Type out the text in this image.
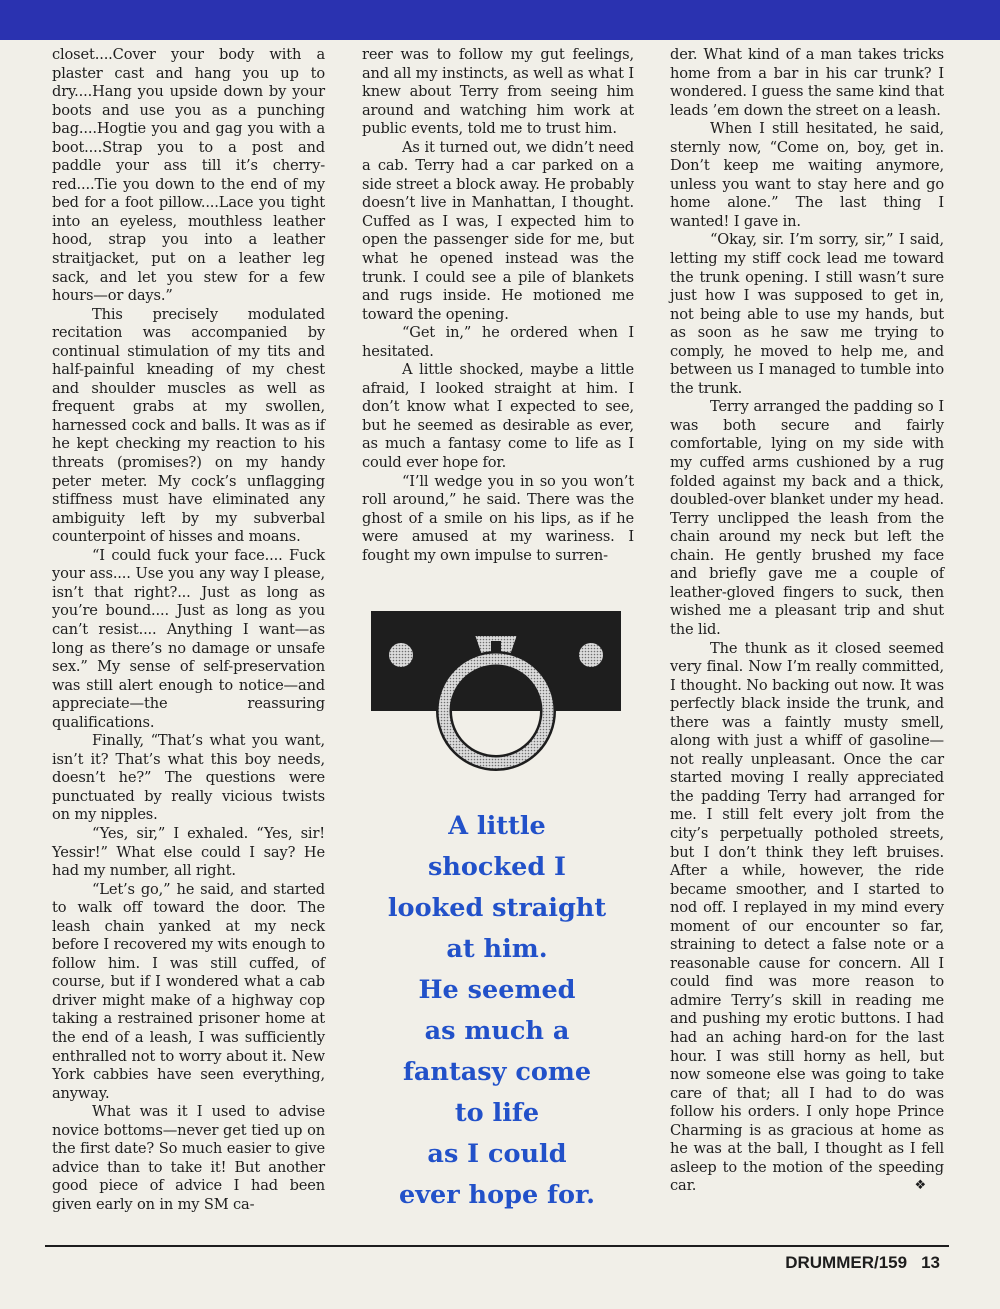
closet....Cover your body with a plaster cast and hang you up to dry....Hang you upside down by your boots and use you as a punching bag....Hogtie you and gag you with a boot....Strap you to a post and paddle your ass till it’s cherry-red....Tie you down to the end of my bed for a foot pillow....Lace you tight into an eyeless, mouthless leather hood, strap you into a leather straitjacket, put on a leather leg sack, and let you stew for a few hours—or days.”

This precisely modulated recitation was accompanied by continual stimulation of my tits and half-painful kneading of my chest and shoulder muscles as well as frequent grabs at my swollen, harnessed cock and balls. It was as if he kept checking my reaction to his threats (promises?) on my handy peter meter. My cock’s unflagging stiffness must have eliminated any ambiguity left by my subverbal counterpoint of hisses and moans.

“I could fuck your face.... Fuck your ass.... Use you any way I please, isn’t that right?... Just as long as you’re bound.... Just as long as you can’t resist.... Anything I want—as long as there’s no damage or unsafe sex.” My sense of self-preservation was still alert enough to notice—and appreciate—the reassuring qualifications.

Finally, “That’s what you want, isn’t it? That’s what this boy needs, doesn’t he?” The questions were punctuated by really vicious twists on my nipples.

“Yes, sir,” I exhaled. “Yes, sir! Yessir!” What else could I say? He had my number, all right.

“Let’s go,” he said, and started to walk off toward the door. The leash chain yanked at my neck before I recovered my wits enough to follow him. I was still cuffed, of course, but if I wondered what a cab driver might make of a highway cop taking a restrained prisoner home at the end of a leash, I was sufficiently enthralled not to worry about it. New York cabbies have seen everything, anyway.

What was it I used to advise novice bottoms—never get tied up on the first date? So much easier to give advice than to take it! But another good piece of advice I had been given early on in my SM ca-

reer was to follow my gut feelings, and all my instincts, as well as what I knew about Terry from seeing him around and watching him work at public events, told me to trust him.

As it turned out, we didn’t need a cab. Terry had a car parked on a side street a block away. He probably doesn’t live in Manhattan, I thought. Cuffed as I was, I expected him to open the passenger side for me, but what he opened instead was the trunk. I could see a pile of blankets and rugs inside. He motioned me toward the opening.

“Get in,” he ordered when I hesitated.

A little shocked, maybe a little afraid, I looked straight at him. I don’t know what I expected to see, but he seemed as desirable as ever, as much a fantasy come to life as I could ever hope for.

“I’ll wedge you in so you won’t roll around,” he said. There was the ghost of a smile on his lips, as if he were amused at my wariness. I fought my own impulse to surren-

A little
shocked I
looked straight
at him.
He seemed
as much a
fantasy come
to life
as I could
ever hope for.

der. What kind of a man takes tricks home from a bar in his car trunk? I wondered. I guess the same kind that leads ’em down the street on a leash.

When I still hesitated, he said, sternly now, “Come on, boy, get in. Don’t keep me waiting anymore, unless you want to stay here and go home alone.” The last thing I wanted! I gave in.

“Okay, sir. I’m sorry, sir,” I said, letting my stiff cock lead me toward the trunk opening. I still wasn’t sure just how I was supposed to get in, not being able to use my hands, but as soon as he saw me trying to comply, he moved to help me, and between us I managed to tumble into the trunk.

Terry arranged the padding so I was both secure and fairly comfortable, lying on my side with my cuffed arms cushioned by a rug folded against my back and a thick, doubled-over blanket under my head. Terry unclipped the leash from the chain around my neck but left the chain. He gently brushed my face and briefly gave me a couple of leather-gloved fingers to suck, then wished me a pleasant trip and shut the lid.

The thunk as it closed seemed very final. Now I’m really committed, I thought. No backing out now. It was perfectly black inside the trunk, and there was a faintly musty smell, along with just a whiff of gasoline—not really unpleasant. Once the car started moving I really appreciated the padding Terry had arranged for me. I still felt every jolt from the city’s perpetually potholed streets, but I don’t think they left bruises. After a while, however, the ride became smoother, and I started to nod off. I replayed in my mind every moment of our encounter so far, straining to detect a false note or a reasonable cause for concern. All I could find was more reason to admire Terry’s skill in reading me and pushing my erotic buttons. I had had an aching hard-on for the last hour. I was still horny as hell, but now someone else was going to take care of that; all I had to do was follow his orders. I only hope Prince Charming is as gracious at home as he was at the ball, I thought as I fell asleep to the motion of the speeding car.	❖

DRUMMER/159 13
